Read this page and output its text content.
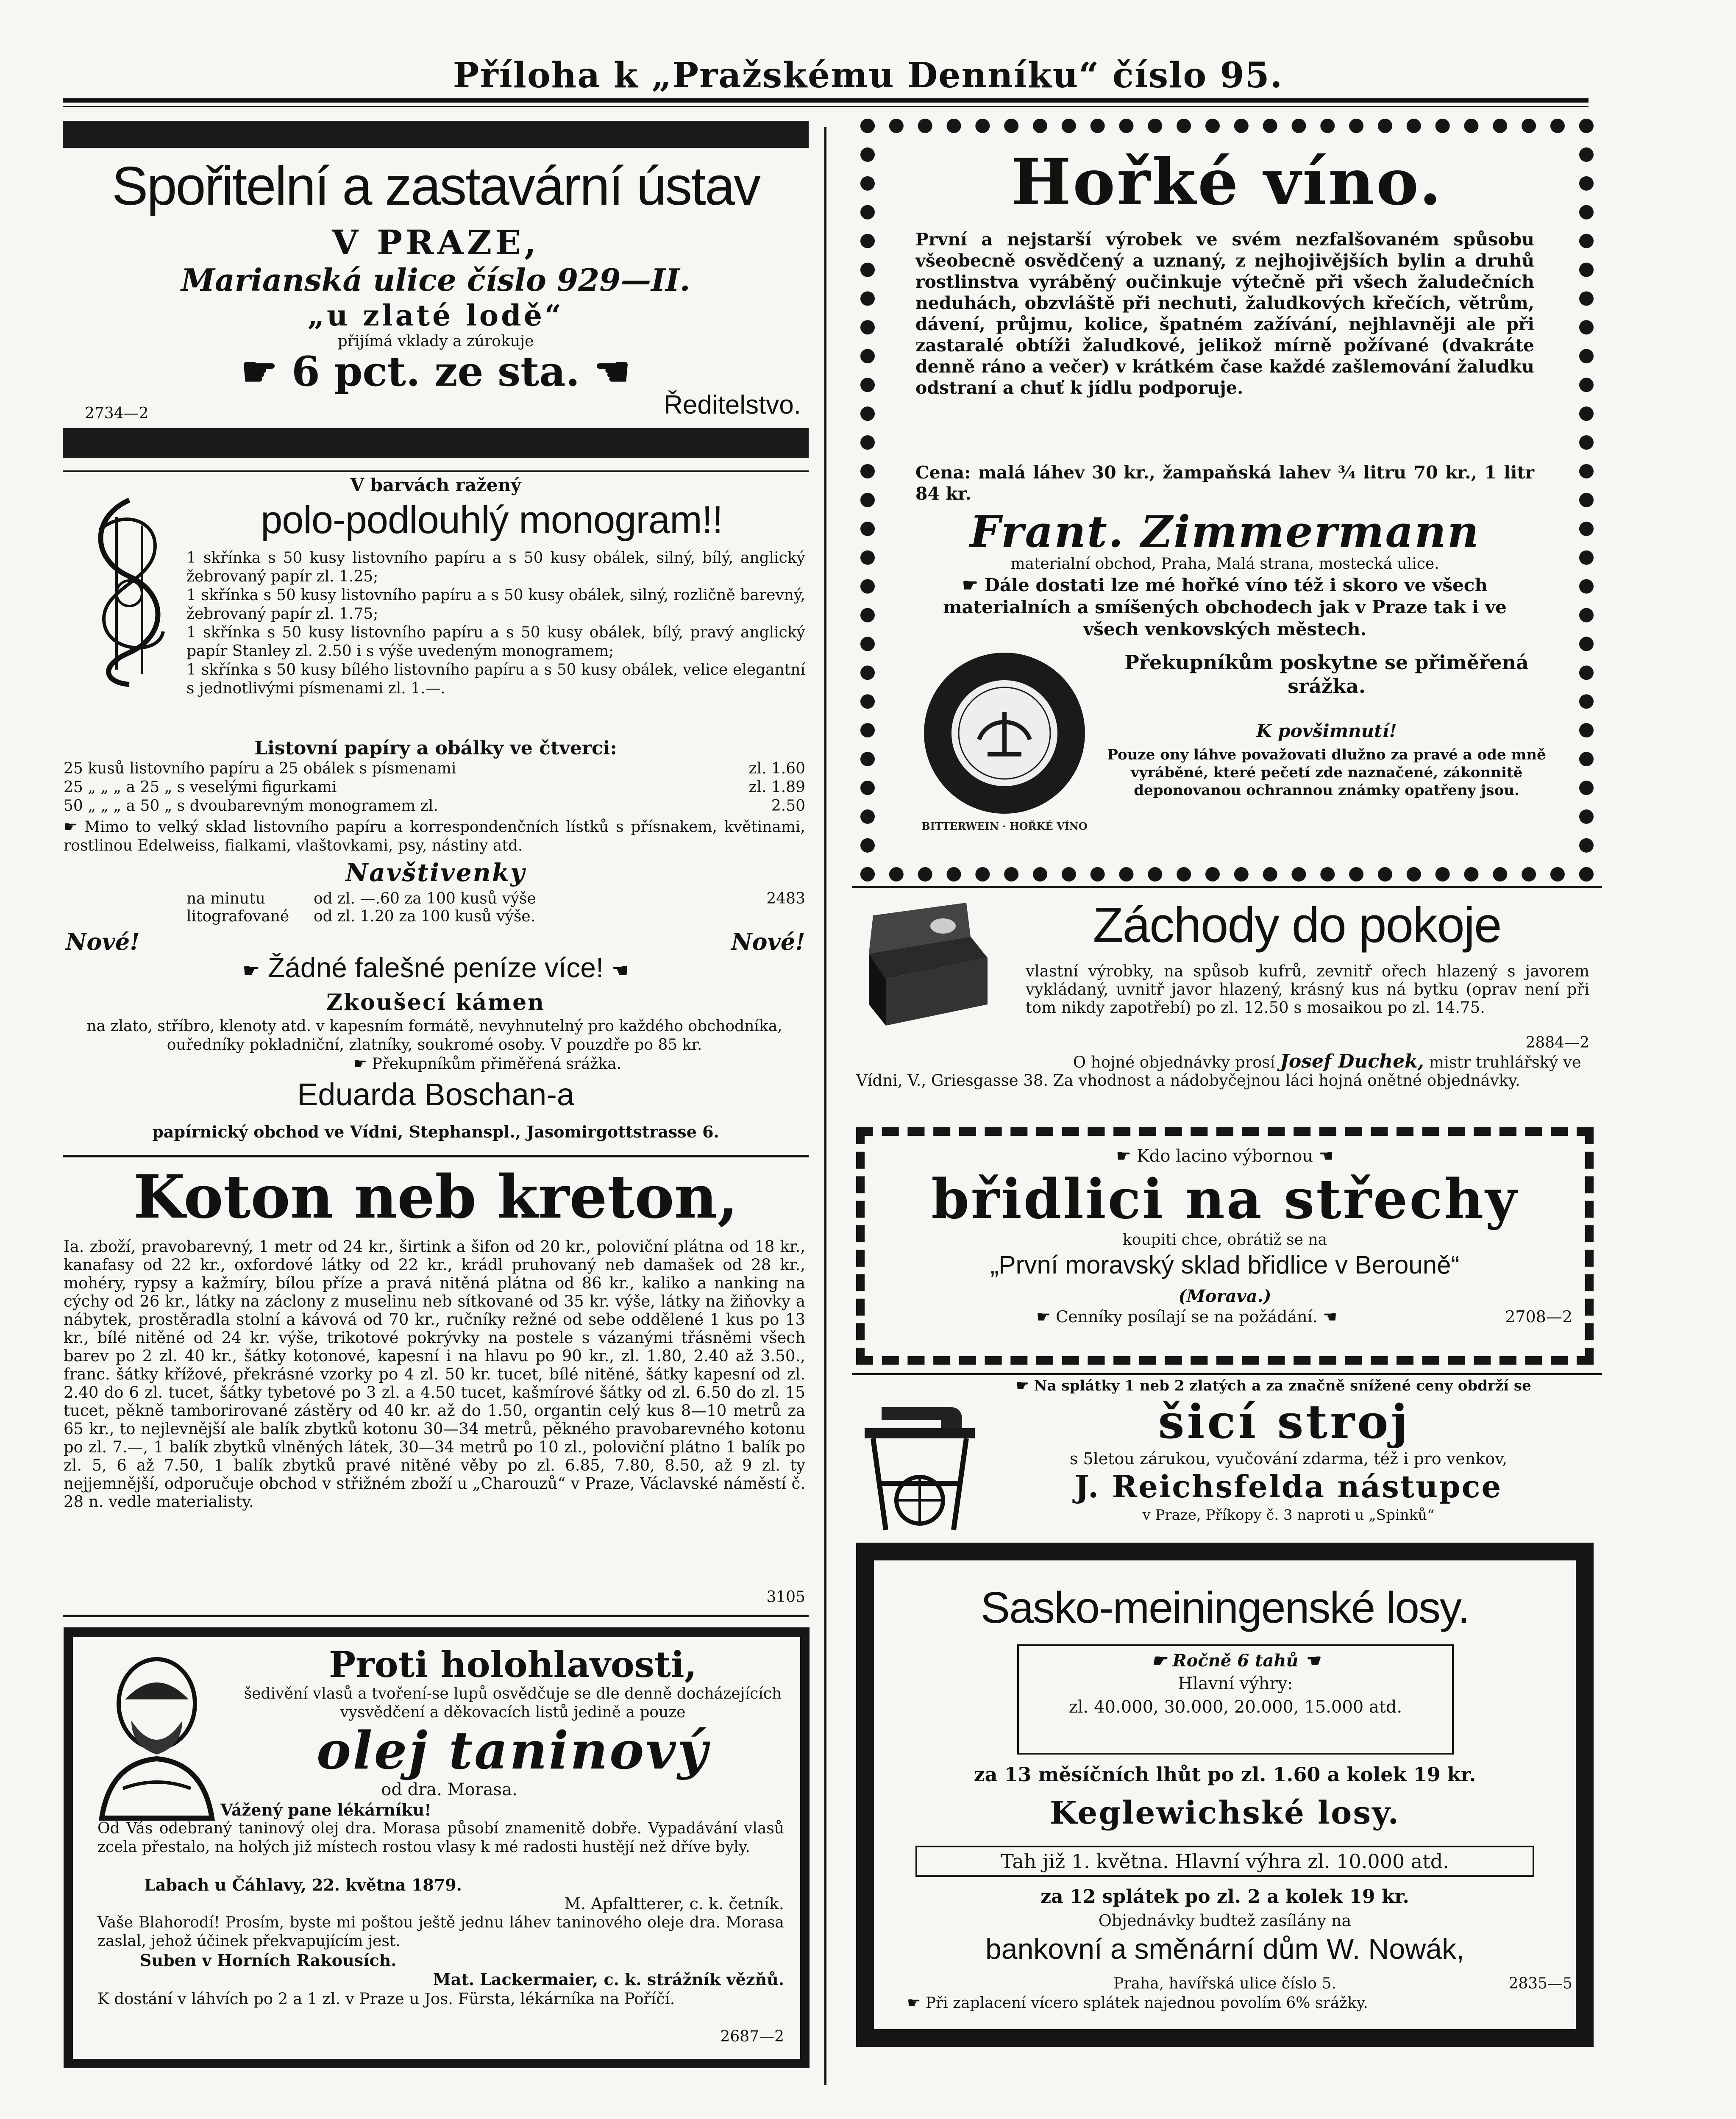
Příloha k „Pražskému Denníku“ číslo 95.
Spořitelní a zastavární ústav
V PRAZE,
Marianská ulice číslo 929—II.
„u zlaté lodě“
přijímá vklady a zúrokuje
☛ 6 pct. ze sta. ☚
2734—2	Ředitelstvo.
V barvách ražený
polo-podlouhlý monogram!!
1 skřínka s 50 kusy listovního papíru a s 50 kusy obálek, silný, bílý, anglický žebrovaný papír zl. 1.25;
1 skřínka s 50 kusy listovního papíru a s 50 kusy obálek, silný, rozličně barevný, žebrovaný papír zl. 1.75;
1 skřínka s 50 kusy listovního papíru a s 50 kusy obálek, bílý, pravý anglický papír Stanley zl. 2.50 i s výše uvedeným monogramem;
1 skřínka s 50 kusy bílého listovního papíru a s 50 kusy obálek, velice elegantní s jednotlivými písmenami zl. 1.—.
Listovní papíry a obálky ve čtverci:
25 kusů listovního papíru a 25 obálek s písmenami	zl. 1.60
25 „ „ „ a 25 „ s veselými figurkami	zl. 1.89
50 „ „ „ a 50 „ s dvoubarevným monogramem zl.	2.50
☛ Mimo to velký sklad listovního papíru a korrespondenčních lístků s přísnakem, květinami, rostlinou Edelweiss, fialkami, vlaštovkami, psy, nástiny atd.
Navštivenky
na minutu	od zl. —.60 za 100 kusů výše	2483
litografované	od zl. 1.20 za 100 kusů výše.
Nové!	Nové!
☛ Žádné falešné peníze více! ☚
Zkoušecí kámen
na zlato, stříbro, klenoty atd. v kapesním formátě, nevyhnutelný pro každého obchodníka, ouředníky pokladniční, zlatníky, soukromé osoby. V pouzdře po 85 kr.
☛ Překupníkům přiměřená srážka.
Eduarda Boschan-a
papírnický obchod ve Vídni, Stephanspl., Jasomirgottstrasse 6.
Koton neb kreton,
Ia. zboží, pravobarevný, 1 metr od 24 kr., širtink a šifon od 20 kr., poloviční plátna od 18 kr., kanafasy od 22 kr., oxfordové látky od 22 kr., krádl pruhovaný neb damašek od 28 kr., mohéry, rypsy a kažmíry, bílou příze a pravá nitěná plátna od 86 kr., kaliko a nanking na cýchy od 26 kr., látky na záclony z muselinu neb sítkované od 35 kr. výše, látky na žiňovky a nábytek, prostěradla stolní a kávová od 70 kr., ručníky režné od sebe oddělené 1 kus po 13 kr., bílé nitěné od 24 kr. výše, trikotové pokrývky na postele s vázanými třásněmi všech barev po 2 zl. 40 kr., šátky kotonové, kapesní i na hlavu po 90 kr., zl. 1.80, 2.40 až 3.50., franc. šátky křížové, překrásné vzorky po 4 zl. 50 kr. tucet, bílé nitěné, šátky kapesní od zl. 2.40 do 6 zl. tucet, šátky tybetové po 3 zl. a 4.50 tucet, kašmírové šátky od zl. 6.50 do zl. 15 tucet, pěkně tamborirované zástěry od 40 kr. až do 1.50, organtin celý kus 8—10 metrů za 65 kr., to nejlevnější ale balík zbytků kotonu 30—34 metrů, pěkného pravobarevného kotonu po zl. 7.—, 1 balík zbytků vlněných látek, 30—34 metrů po 10 zl., poloviční plátno 1 balík po zl. 5, 6 až 7.50, 1 balík zbytků pravé nitěné věby po zl. 6.85, 7.80, 8.50, až 9 zl. ty nejjemnější, odporučuje obchod v střižném zboží u „Charouzů“ v Praze, Václavské náměstí č. 28 n. vedle materialisty.
3105
Proti holohlavosti,
šedivění vlasů a tvoření-se lupů osvědčuje se dle denně docházejících vysvědčení a děkovacích listů jedině a pouze
olej taninový
od dra. Morasa.
Vážený pane lékárníku!
Od Vás odebraný taninový olej dra. Morasa působí znamenitě dobře. Vypadávání vlasů zcela přestalo, na holých již místech rostou vlasy k mé radosti hustějí než dříve byly.
Labach u Čáhlavy, 22. května 1879.
M. Apfaltterer, c. k. četník.
Vaše Blahorodí! Prosím, byste mi poštou ještě jednu láhev taninového oleje dra. Morasa zaslal, jehož účinek překvapujícím jest.
Suben v Horních Rakousích.
Mat. Lackermaier, c. k. strážník vězňů.
K dostání v láhvích po 2 a 1 zl. v Praze u Jos. Fürsta, lékárníka na Poříčí.
2687—2
Hořké víno.
První a nejstarší výrobek ve svém nezfalšovaném spůsobu všeobecně osvědčený a uznaný, z nejhojivějších bylin a druhů rostlinstva vyráběný oučinkuje výtečně při všech žaludečních neduhách, obzvláště při nechuti, žaludkových křečích, větrům, dávení, průjmu, kolice, špatném zažívání, nejhlavněji ale při zastaralé obtíži žaludkové, jelikož mírně požívané (dvakráte denně ráno a večer) v krátkém čase každé zašlemování žaludku odstraní a chuť k jídlu podporuje.
Cena: malá láhev 30 kr., žampaňská lahev ¾ litru 70 kr., 1 litr 84 kr.
Frant. Zimmermann
materialní obchod, Praha, Malá strana, mostecká ulice.
☛ Dále dostati lze mé hořké víno též i skoro ve všech materialních a smíšených obchodech jak v Praze tak i ve všech venkovských městech.
BITTERWEIN · HOŘKÉ VÍNO
Překupníkům poskytne se přiměřená srážka.
K povšimnutí!
Pouze ony láhve považovati dlužno za pravé a ode mně vyráběné, které pečetí zde naznačené, zákonnitě deponovanou ochrannou známky opatřeny jsou.
Záchody do pokoje
vlastní výrobky, na spůsob kufrů, zevnitř ořech hlazený s javorem vykládaný, uvnitř javor hlazený, krásný kus ná bytku (oprav není při tom nikdy zapotřebí) po zl. 12.50 s mosaikou po zl. 14.75.
2884—2
O hojné objednávky prosí Josef Duchek, mistr truhlářský ve Vídni, V., Griesgasse 38. Za vhodnost a nádobyčejnou láci hojná onětné objednávky.
☛ Kdo lacino výbornou ☚
břidlici na střechy
koupiti chce, obrátiž se na
„První moravský sklad břidlice v Berouně“
(Morava.)
☛ Cenníky posílají se na požádání. ☚	2708—2
☛ Na splátky 1 neb 2 zlatých a za značně snížené ceny obdrží se
šicí stroj
s 5letou zárukou, vyučování zdarma, též i pro venkov,
J. Reichsfelda nástupce
v Praze, Příkopy č. 3 naproti u „Spinků“
Sasko-meiningenské losy.
☛ Ročně 6 tahů ☚
Hlavní výhry:
zl. 40.000, 30.000, 20.000, 15.000 atd.
za 13 měsíčních lhůt po zl. 1.60 a kolek 19 kr.
Keglewichské losy.
Tah již 1. května. Hlavní výhra zl. 10.000 atd.
za 12 splátek po zl. 2 a kolek 19 kr.
Objednávky budtež zasílány na
bankovní a směnární dům W. Nowák,
Praha, havířská ulice číslo 5.	2835—5
☛ Při zaplacení vícero splátek najednou povolím 6% srážky.
